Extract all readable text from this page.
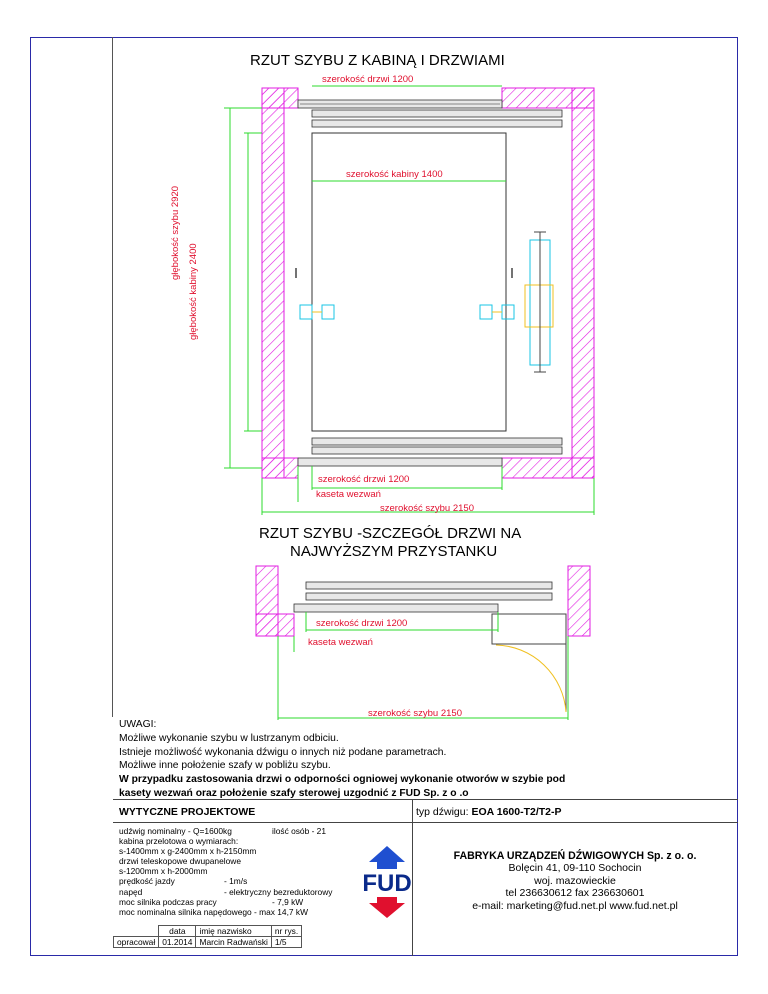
RZUT SZYBU Z KABINĄ I DRZWIAMI
szerokość drzwi 1200
szerokość kabiny 1400
głębokość szybu 2920
głębokość kabiny 2400
szerokość drzwi 1200
kaseta wezwań
szerokość szybu 2150
RZUT SZYBU -SZCZEGÓŁ DRZWI NA
NAJWYŻSZYM PRZYSTANKU
szerokość drzwi 1200
kaseta wezwań
szerokość szybu 2150
UWAGI:
Możliwe wykonanie szybu w lustrzanym odbiciu.
Istnieje możliwość wykonania dźwigu o innych niż podane parametrach.
Możliwe inne położenie szafy w pobliżu szybu.
W przypadku zastosowania drzwi o odporności ogniowej wykonanie otworów w szybie pod
kasety wezwań oraz położenie szafy sterowej uzgodnić z FUD Sp. z o .o
WYTYCZNE PROJEKTOWE	typ dźwigu: EOA 1600-T2/T2-P
udźwig nominalny - Q=1600kg	ilość osób - 21
kabina przelotowa o wymiarach:
s-1400mm x g-2400mm x h-2150mm
drzwi teleskopowe dwupanelowe
s-1200mm x h-2000mm
prędkość jazdy	- 1m/s
napęd	- elektryczny bezreduktorowy
moc silnika podczas pracy	- 7,9 kW
moc nominalna silnika napędowego - max 14,7 kW
	data	imię nazwisko	nr rys.
opracował	01.2014	Marcin Radwański	1/5
FUD
FABRYKA URZĄDZEŃ DŹWIGOWYCH Sp. z o. o.
Bolęcin 41, 09-110 Sochocin
woj. mazowieckie
tel 236630612 fax 236630601
e-mail: marketing@fud.net.pl www.fud.net.pl
